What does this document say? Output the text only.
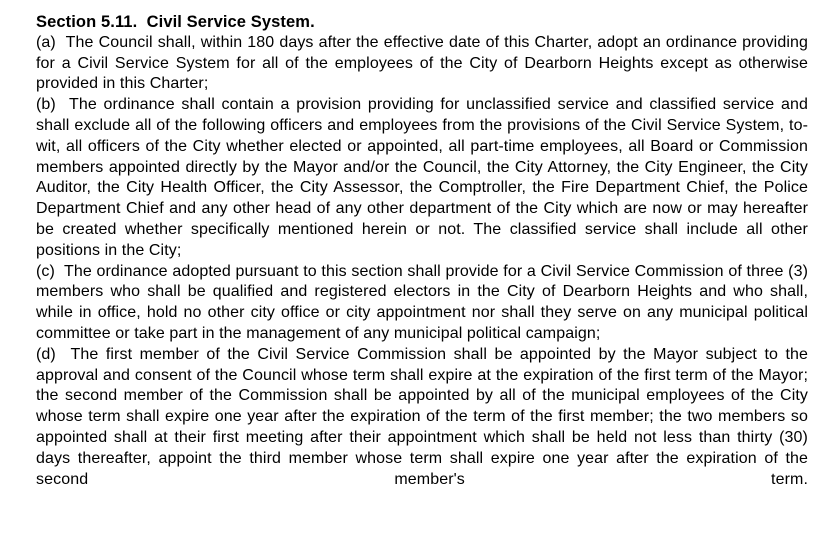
Section 5.11.  Civil Service System.

(a)  The Council shall, within 180 days after the effective date of this Charter, adopt an ordinance providing for a Civil Service System for all of the employees of the City of Dearborn Heights except as otherwise provided in this Charter;

(b)  The ordinance shall contain a provision providing for unclassified service and classified service and shall exclude all of the following officers and employees from the provisions of the Civil Service System, to-wit, all officers of the City whether elected or appointed, all part-time employees, all Board or Commission members appointed directly by the Mayor and/or the Council, the City Attorney, the City Engineer, the City Auditor, the City Health Officer, the City Assessor, the Comptroller, the Fire Department Chief, the Police Department Chief and any other head of any other department of the City which are now or may hereafter be created whether specifically mentioned herein or not. The classified service shall include all other positions in the City;

(c)  The ordinance adopted pursuant to this section shall provide for a Civil Service Commission of three (3) members who shall be qualified and registered electors in the City of Dearborn Heights and who shall, while in office, hold no other city office or city appointment nor shall they serve on any municipal political committee or take part in the management of any municipal political campaign;

(d)  The first member of the Civil Service Commission shall be appointed by the Mayor subject to the approval and consent of the Council whose term shall expire at the expiration of the first term of the Mayor; the second member of the Commission shall be appointed by all of the municipal employees of the City whose term shall expire one year after the expiration of the term of the first member; the two members so appointed shall at their first meeting after their appointment which shall be held not less than thirty (30) days thereafter, appoint the third member whose term shall expire one year after the expiration of the second member's term.
